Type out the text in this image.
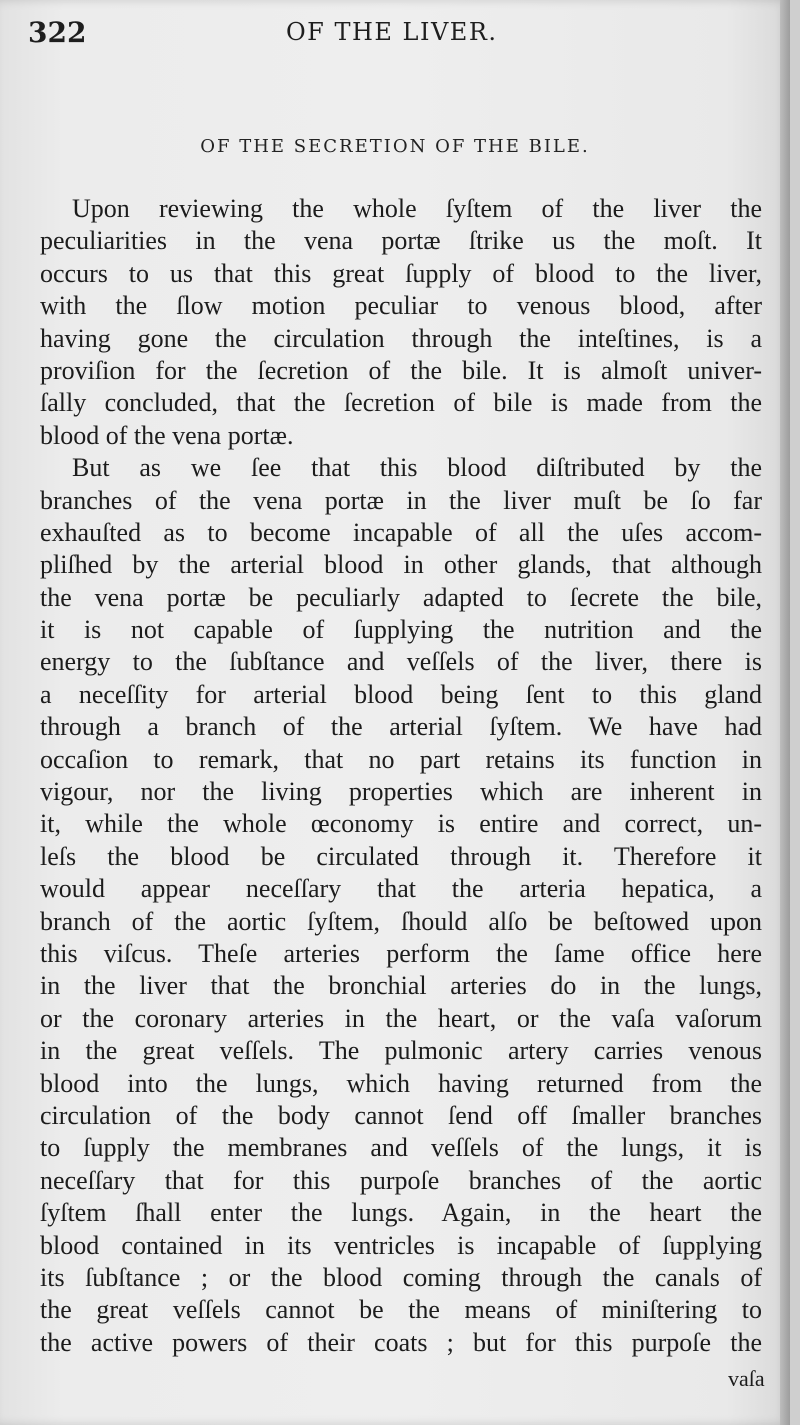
322	OF THE LIVER.
OF THE SECRETION OF THE BILE.
Upon reviewing the whole ſyſtem of the liver the
peculiarities in the vena portæ ſtrike us the moſt. It
occurs to us that this great ſupply of blood to the liver,
with the ſlow motion peculiar to venous blood, after
having gone the circulation through the inteſtines, is a
proviſion for the ſecretion of the bile. It is almoſt univer-
ſally concluded, that the ſecretion of bile is made from the
blood of the vena portæ.
But as we ſee that this blood diſtributed by the
branches of the vena portæ in the liver muſt be ſo far
exhauſted as to become incapable of all the uſes accom-
pliſhed by the arterial blood in other glands, that although
the vena portæ be peculiarly adapted to ſecrete the bile,
it is not capable of ſupplying the nutrition and the
energy to the ſubſtance and veſſels of the liver, there is
a neceſſity for arterial blood being ſent to this gland
through a branch of the arterial ſyſtem. We have had
occaſion to remark, that no part retains its function in
vigour, nor the living properties which are inherent in
it, while the whole œconomy is entire and correct, un-
leſs the blood be circulated through it. Therefore it
would appear neceſſary that the arteria hepatica, a
branch of the aortic ſyſtem, ſhould alſo be beſtowed upon
this viſcus. Theſe arteries perform the ſame office here
in the liver that the bronchial arteries do in the lungs,
or the coronary arteries in the heart, or the vaſa vaſorum
in the great veſſels. The pulmonic artery carries venous
blood into the lungs, which having returned from the
circulation of the body cannot ſend off ſmaller branches
to ſupply the membranes and veſſels of the lungs, it is
neceſſary that for this purpoſe branches of the aortic
ſyſtem ſhall enter the lungs. Again, in the heart the
blood contained in its ventricles is incapable of ſupplying
its ſubſtance ; or the blood coming through the canals of
the great veſſels cannot be the means of miniſtering to
the active powers of their coats ; but for this purpoſe the
vaſa
